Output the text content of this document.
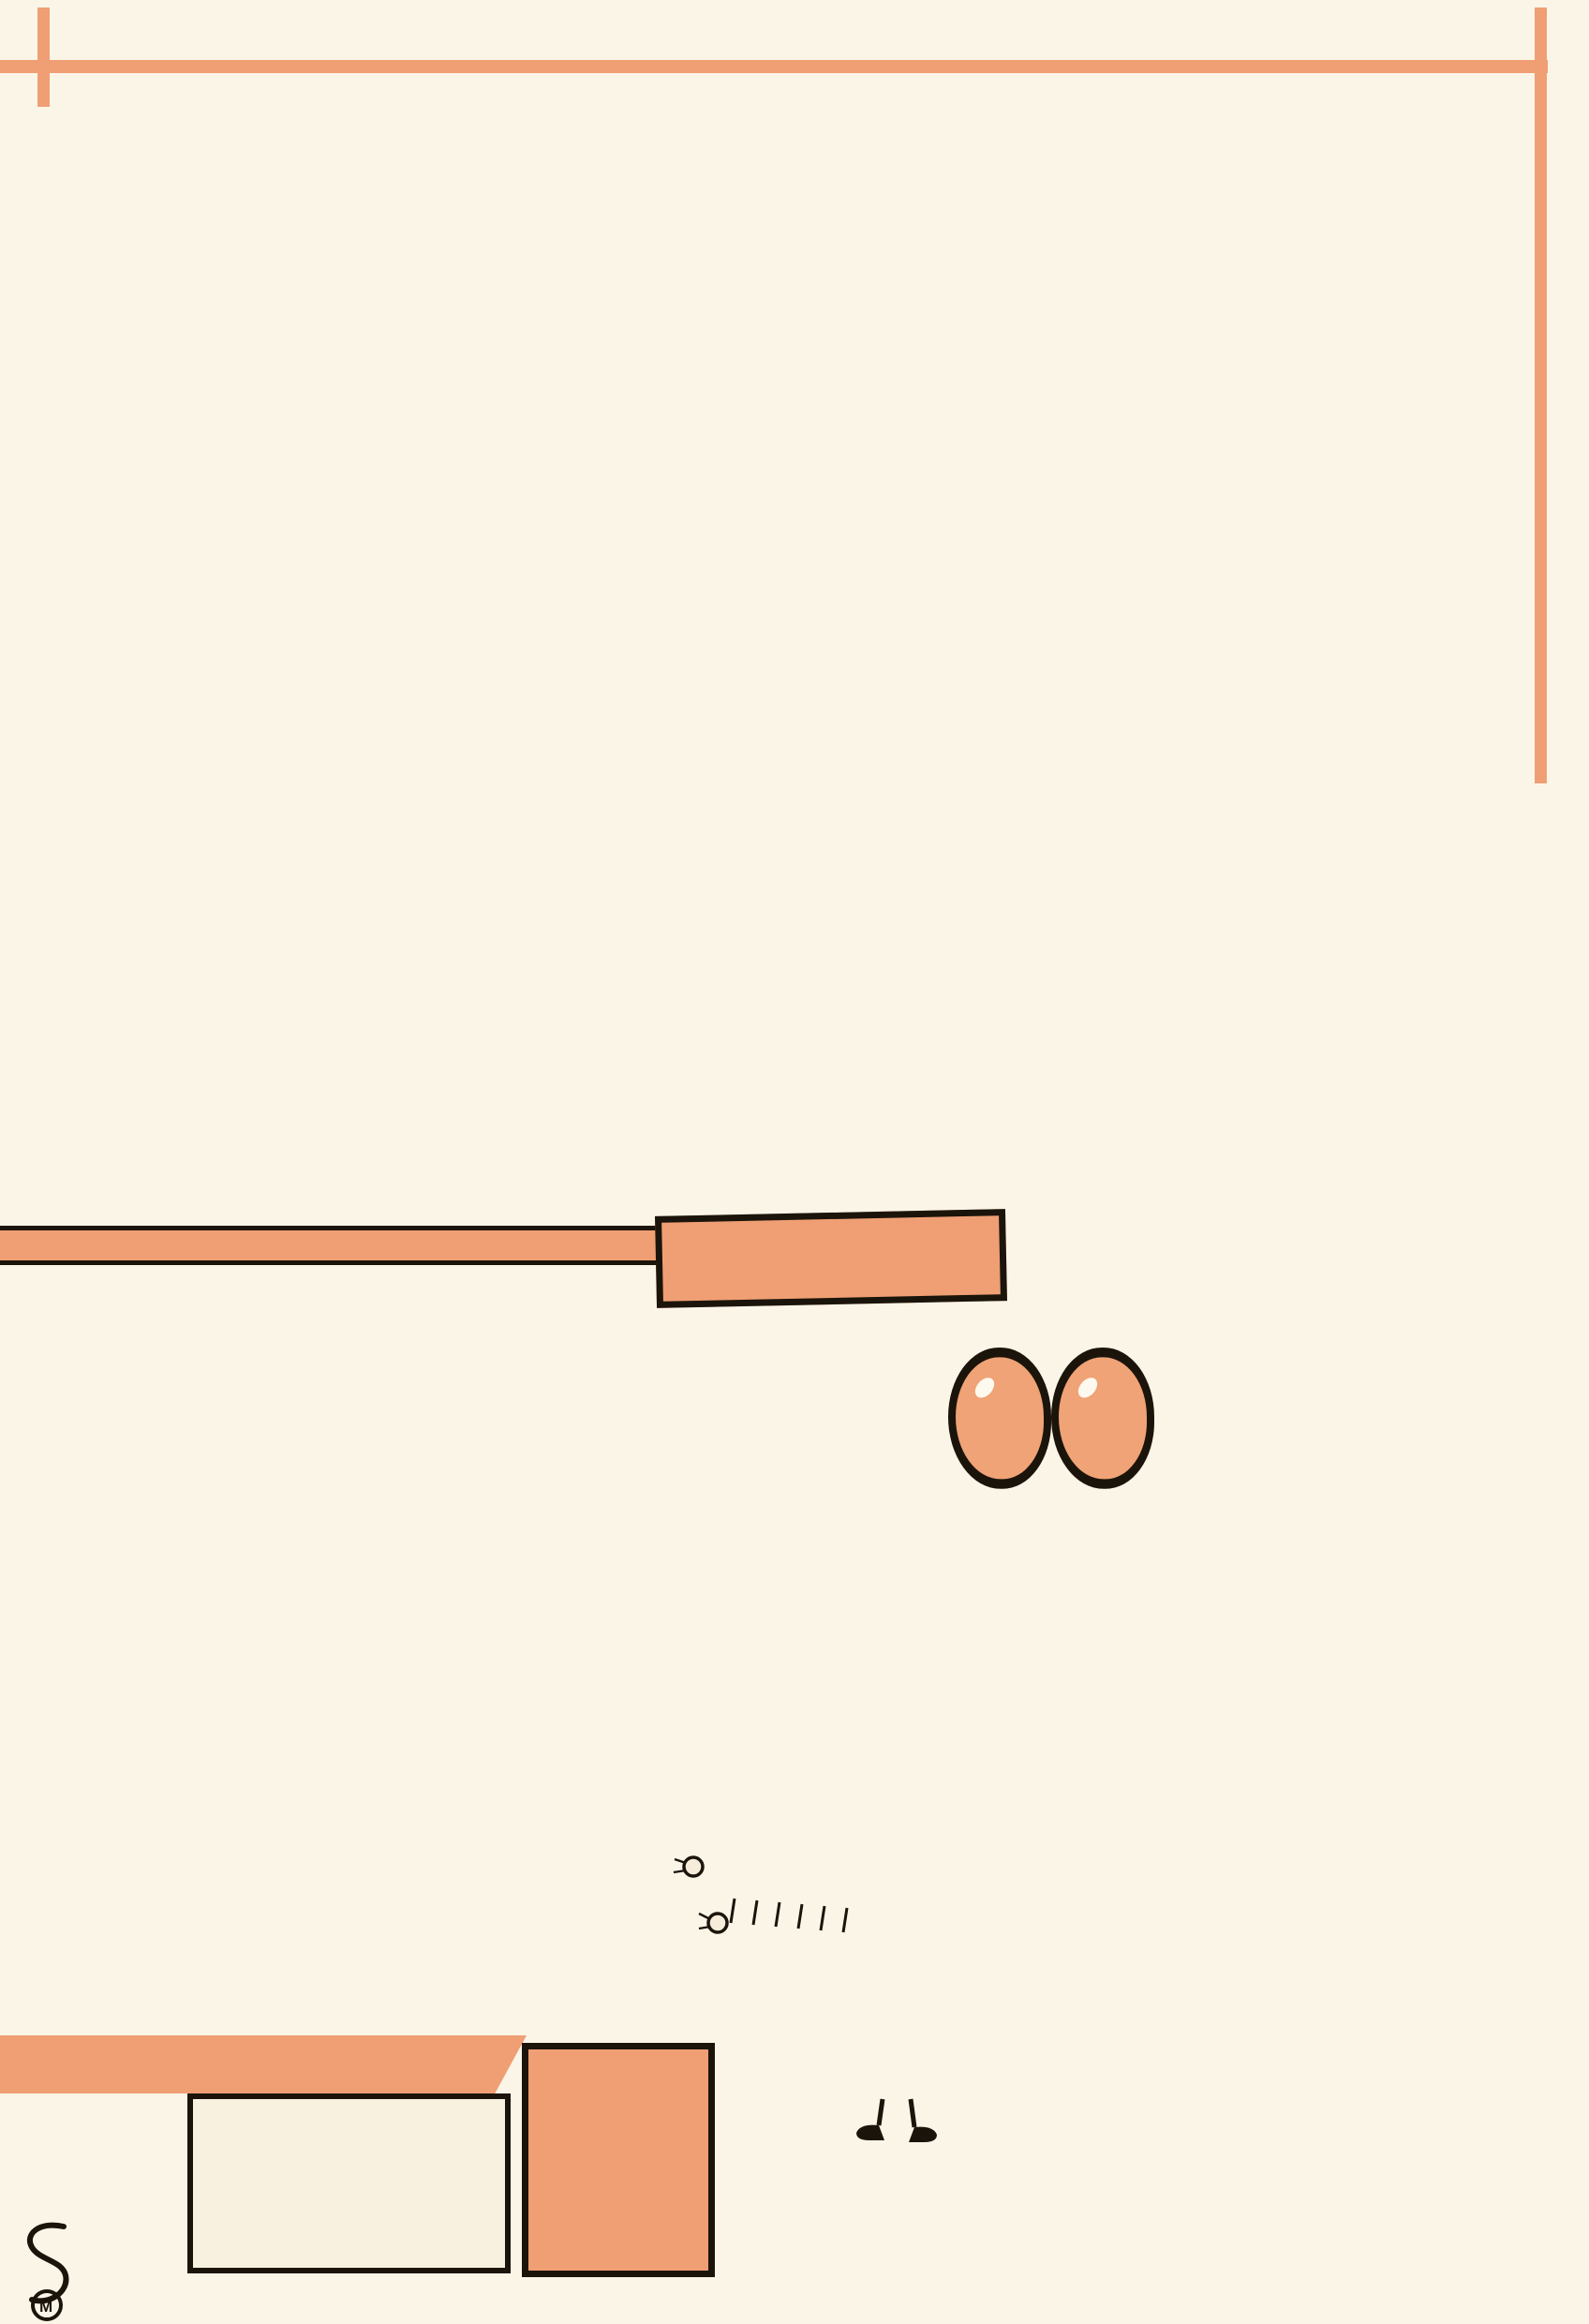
M
